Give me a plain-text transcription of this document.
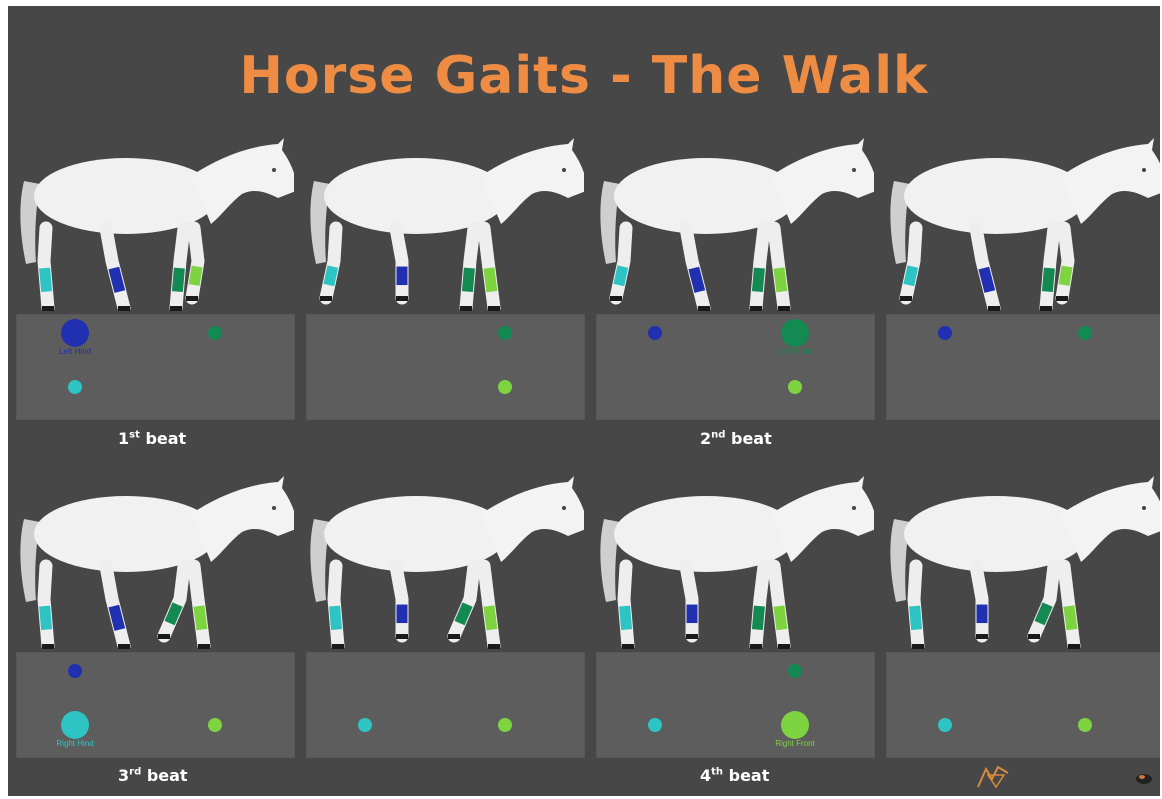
Horse Gaits - The Walk
Left Hind	Left Front
Right Hind	Right Front
1st beat	2nd beat
3rd beat	4th beat
